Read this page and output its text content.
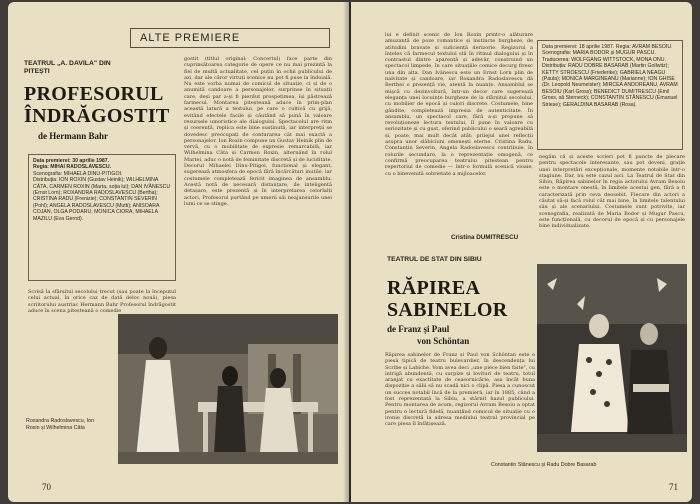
ALTE PREMIERE
TEATRUL „A. DAVILA" DIN PITEȘTI
PROFESORUL
ÎNDRĂGOSTIT
de Hermann Bahr
Data premierei: 30 aprilie 1987.
Regia: MIHAI RADOSLAVESCU.
Scenografia: MIHAELA DINU-PITIGOI.
Distribuția: ION ROXIN (Gustav Heinik); WILHELMINA CÂTA, CARMEN ROXIN (Marta, soția lui); DAN IVĂNESCU (Ernst Lorn); ROXANDRA RADOSLAVESCU (Bertha); CRISTINA RADU (Frenizie); CONSTANTIN SEVERIN (Pohl); ANGELA RADOSLAVESCU (Mutti); ANISOARA COJAN, OLGA PODARU, MONICA CIORA, MIHAELA MAZILU (Eva Gernd).
Scrisă la sfârșitul secolului trecut (sau poate la începutul celui actual, în orice caz de dată deloc nouă), piesa scriitorului austriac Hermann Bahr Profesorul îndrăgostit aduce în scena piteșteană o comedie
gostit (titlul original: Concertul) face parte din cuprinsătoarea categorie de opere ce nu mai prezintă la fiel de multă actualitate, cel puțin în ochii publicului de azi, dar ale căror virtuți scenice nu pot fi puse la îndoială. Nu este vorba numai de comicul de situație, ci și de o anumită candoare a personajelor, surprinse în situații care, deși par a-și fi pierdut prospețimea, își păstrează farmecul. Montarea piteșteană aduce în prim-plan această latură a textului, pe care o cultivă cu grijă, evitând efectele facile și căutând să pună în valoare resursele umoristice ale dialogului. Spectacolul are ritm și coerență, replica este bine susținută, iar interpreții se dovedesc preocupați de conturarea cât mai exactă a personajelor. Ion Roxin compune un Gustav Heinik plin de vervă, cu o mobilitate de expresie remarcabilă, iar Wilhelmina Câta și Carmen Roxin, alternând în rolul Martei, aduc o notă de feminitate discretă și de luciditate. Decorul Mihaelei Dinu-Pitigoi, funcțional și elegant, sugerează atmosfera de epocă fără încărcături inutile, iar costumele completează fericit imaginea de ansamblu. Acestă notă de necesară distanțare, de inteligentă detașare, este prezentă și în interpretarea celorlalți actori, Profesorul purtând pe umerii săi neajunsurile unei lumi ce se stinge.
Roxandra Radoslavescu, Ion Roxin și Wilhelmina Câta
70
lui e definit scenic de Ion Roxin printr-o alăturare amuzantă de poze romantice și instincte burgheze, de atitudini bravate și suficiență derizorie. Regizorul a înțeles că farmecul textului stă în ritmul dialogului și în contrastul dintre aparență și adevăr, construind un spectacol limpede, în care situațiile comice decurg firesc una din alta. Dan Ivănescu este un Ernst Lorn plin de naivitate și candoare, iar Roxandra Radoslavescu dă Berthei o prezență vie, atentă la nuanțe. Ansamblul se mișcă cu dezinvoltură, într-un decor care sugerează eleganța unei locuințe burgheze de la sfârșitul secolului, cu mobilier de epocă și culori discrete. Costumele, bine gândite, completează impresia de autenticitate. În ansamblu, un spectacol care, fără a-și propune să revoluționeze lectura textului, îl pune în valoare cu seriozitate și cu gust, oferind publicului o seară agreabilă și, poate, mai mult decât atât: prilejul unei reflecții asupra unor slăbiciuni omenești eterne. Cristina Radu, Constantin Severin, Angela Radoslavescu contribuie, în rolurile secundare, la o reprezentație omogenă, ce confirmă preocuparea teatrului pitestean pentru repertoriul de comedie — într-o formulă scenică vioaie, cu o binevenită sobrietate a mijloacelor.
Cristina DUMITRESCU
Data premierei: 18 aprilie 1987. Regia: AVRAM BESOIU. Scenografia: MARIA BODOR și MUGUR PASCU. Traducerea: WOLFGANG WITTSTOCK, MONA ONU. Distribuția: RADU DOBRE BASARAB (Martin Gollwitz); KETTY STROESCU (Friederike); GABRIELA NEAGU (Paula); MONICA MARGINEANU (Marianne); ION GHISE (Dr. Leopold Neumeister); MIRCEA ANDOREANU, AVRAM BESOIU (Karl Gross); BENEDICT DUMITRESCU (Emil Gross, să Sterneck); CONSTANTIN STĂNESCU (Emanuel Striese); GERALDINA BASARAB (Rosa).
negăm că și aceste scrieri pot fi puncte de plecare pentru spectacole interesante, sau pot deveni, grație unei interpretări excepționale, momente notabile într-o stagiune. Dar, nu este cazul aici. La Teatrul de Stat din Sibiu, Răpirea sabinelor în regia actorului Avram Besoiu este o montare onestă, în limitele acestui gen, fără a fi caracterizată prin ceva deosebit. Fiecare din actori a căutat să-și facă rolul cât mai bine, în limitele talentului său și ale scenariului. Costumele sunt potrivite, iar scenografia, realizată de Maria Bodor și Mugur Pascu, este funcțională, cu decorul de epocă și cu personajele bine individualizate.
TEATRUL DE STAT DIN SIBIU
RĂPIREA
SABINELOR
de Franz și Paul
von Schöntan
Răpirea sabinelor de Franz și Paul von Schöntan este o piesă tipică de teatru bulevardier, în descendența lui Scribe și Labiche. Vom avea deci „une pièce bien faite", cu intrigă abundentă, cu surpize și lovituri de teatru, totul aranjat cu exactitate de ceasornicărie, așa încât buna dispoziție a sălii să nu scadă nici o clipă. Piesa a cunoscut un succes notabil încă de la premieră, iar în 1885, când a fost reprezentată la Sibiu, a stârnit hazul publicului. Pentru montarea de acum, regizorul Avram Besoiu a optat pentru o lectură fidelă, nuanțând comicul de situație cu o ironie discretă la adresa mediului teatral provincial pe care piesa îl înfățișează.
Constantin Stănescu și Radu Dobre Basarab
71
